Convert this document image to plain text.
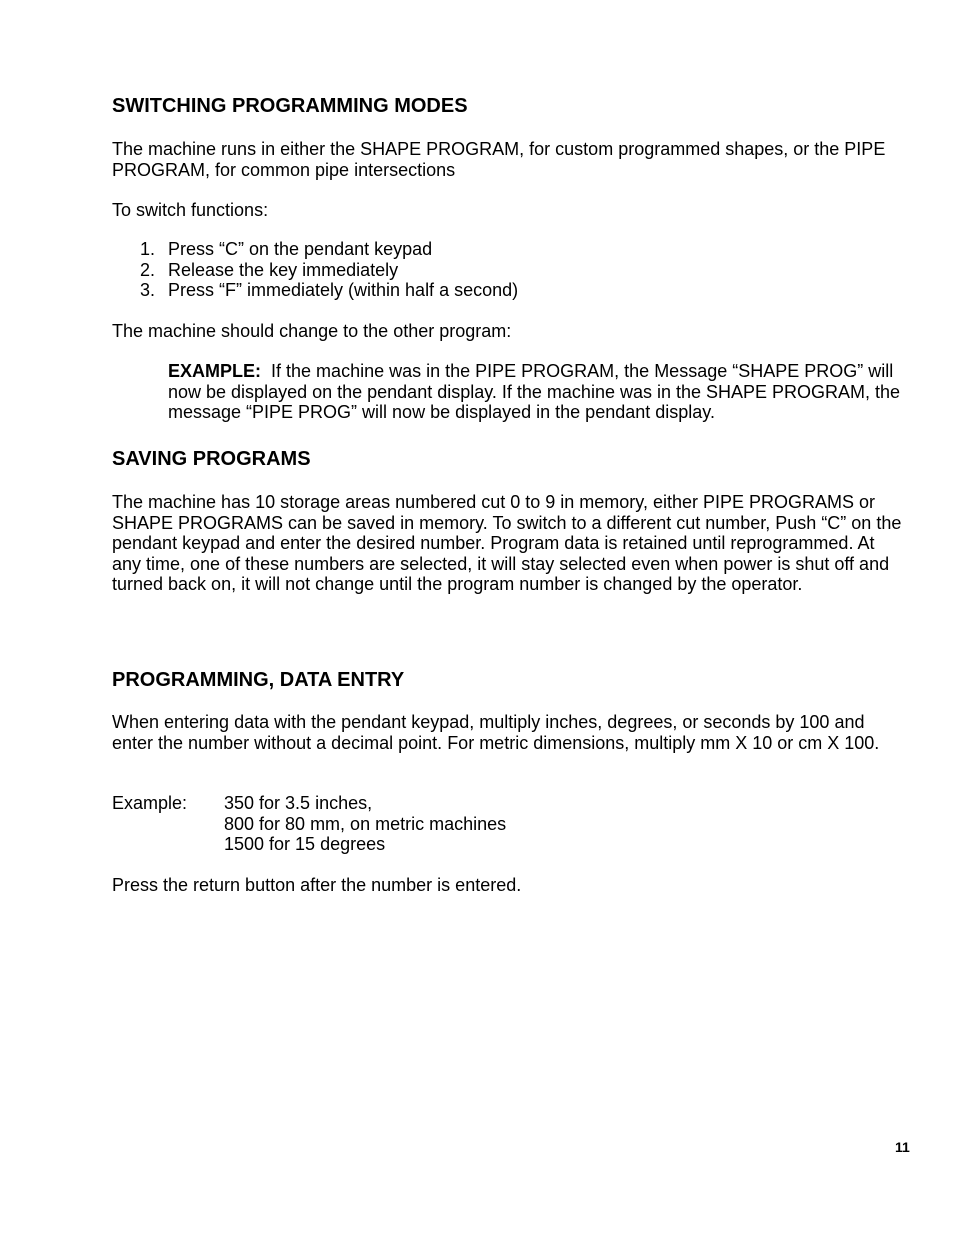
SWITCHING PROGRAMMING MODES

The machine runs in either the SHAPE PROGRAM, for custom programmed shapes, or the PIPE PROGRAM, for common pipe intersections

To switch functions:

1. Press “C” on the pendant keypad
2. Release the key immediately
3. Press “F” immediately (within half a second)

The machine should change to the other program:

EXAMPLE: If the machine was in the PIPE PROGRAM, the Message “SHAPE PROG” will now be displayed on the pendant display. If the machine was in the SHAPE PROGRAM, the message “PIPE PROG” will now be displayed in the pendant display.
SAVING PROGRAMS

The machine has 10 storage areas numbered cut 0 to 9 in memory, either PIPE PROGRAMS or SHAPE PROGRAMS can be saved in memory. To switch to a different cut number, Push “C” on the pendant keypad and enter the desired number. Program data is retained until reprogrammed. At any time, one of these numbers are selected, it will stay selected even when power is shut off and turned back on, it will not change until the program number is changed by the operator.

PROGRAMMING, DATA ENTRY

When entering data with the pendant keypad, multiply inches, degrees, or seconds by 100 and enter the number without a decimal point. For metric dimensions, multiply mm X 10 or cm X 100.

Example:	350 for 3.5 inches,
800 for 80 mm, on metric machines
1500 for 15 degrees

Press the return button after the number is entered.

11
